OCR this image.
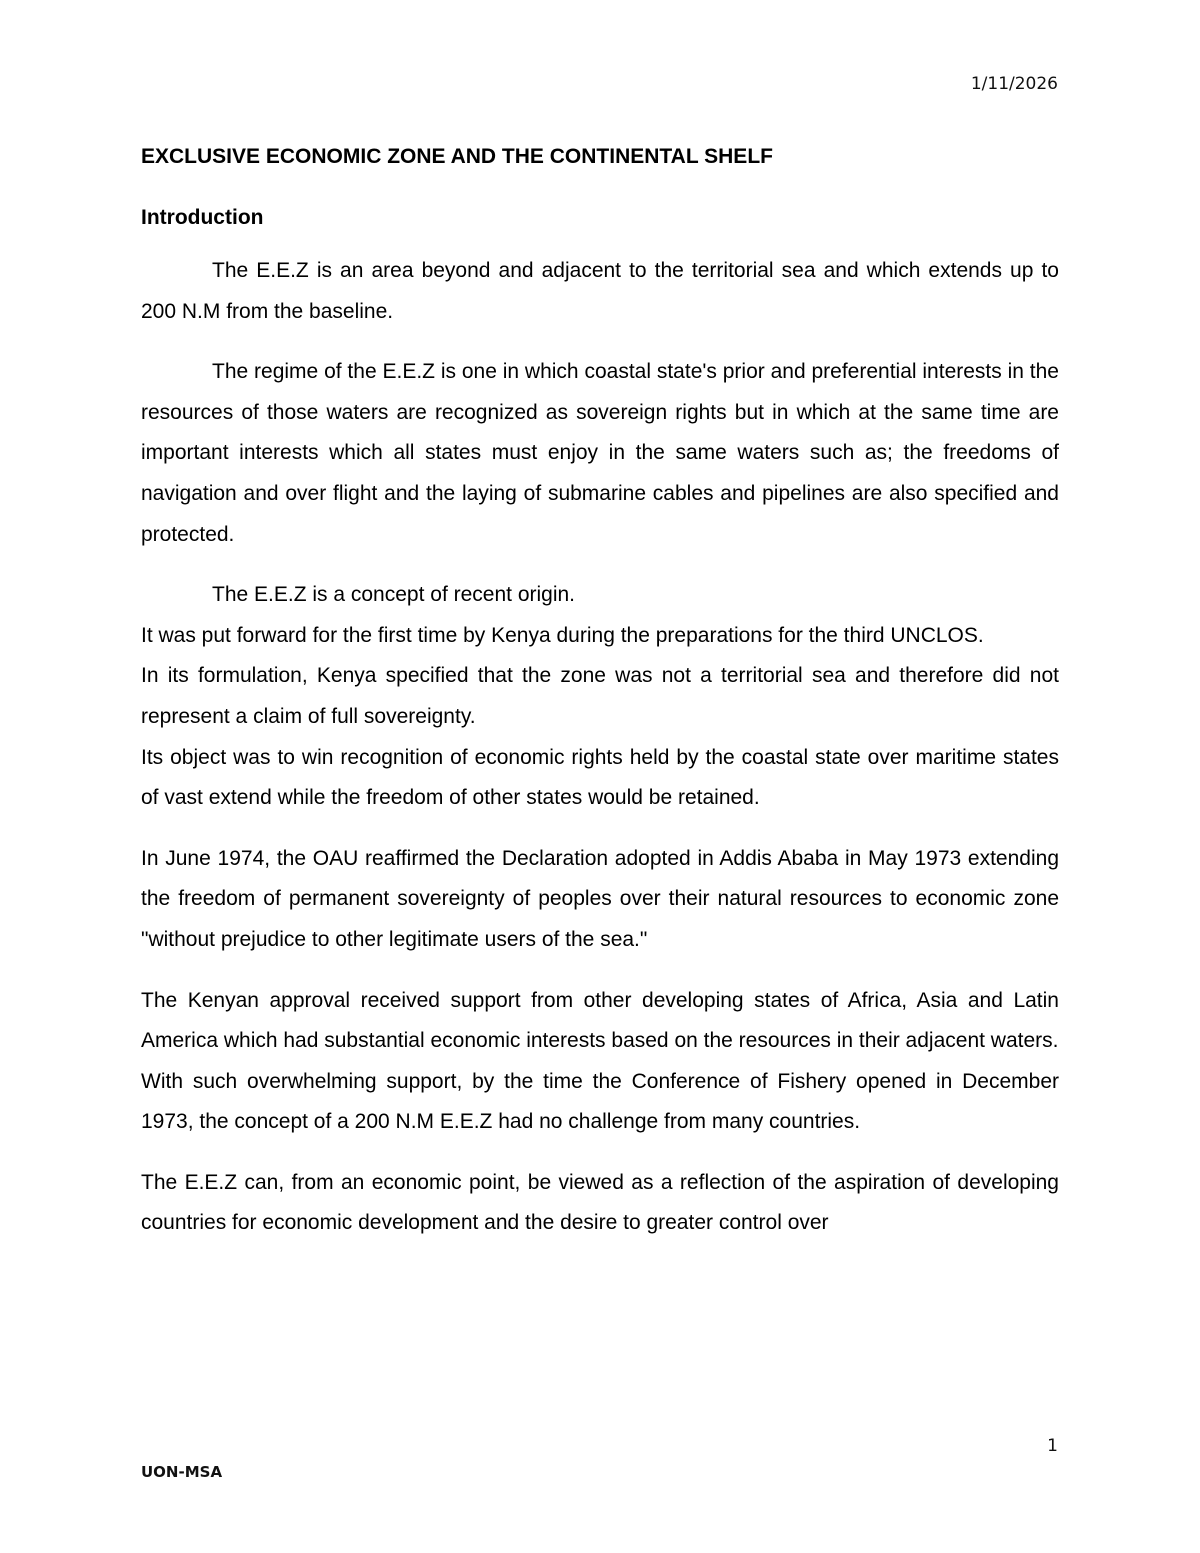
1/11/2026
EXCLUSIVE ECONOMIC ZONE AND THE CONTINENTAL SHELF
Introduction

The E.E.Z is an area beyond and adjacent to the territorial sea and which extends up to 200 N.M from the baseline.

The regime of the E.E.Z is one in which coastal state's prior and preferential interests in the resources of those waters are recognized as sovereign rights but in which at the same time are important interests which all states must enjoy in the same waters such as; the freedoms of navigation and over flight and the laying of submarine cables and pipelines are also specified and protected.

The E.E.Z is a concept of recent origin.

It was put forward for the first time by Kenya during the preparations for the third UNCLOS.

In its formulation, Kenya specified that the zone was not a territorial sea and therefore did not represent a claim of full sovereignty.

Its object was to win recognition of economic rights held by the coastal state over maritime states of vast extend while the freedom of other states would be retained.

In June 1974, the OAU reaffirmed the Declaration adopted in Addis Ababa in May 1973 extending the freedom of permanent sovereignty of peoples over their natural resources to economic zone "without prejudice to other legitimate users of the sea."

The Kenyan approval received support from other developing states of Africa, Asia and Latin America which had substantial economic interests based on the resources in their adjacent waters.

With such overwhelming support, by the time the Conference of Fishery opened in December 1973, the concept of a 200 N.M E.E.Z had no challenge from many countries.

The E.E.Z can, from an economic point, be viewed as a reflection of the aspiration of developing countries for economic development and the desire to greater control over

1
UON-MSA
